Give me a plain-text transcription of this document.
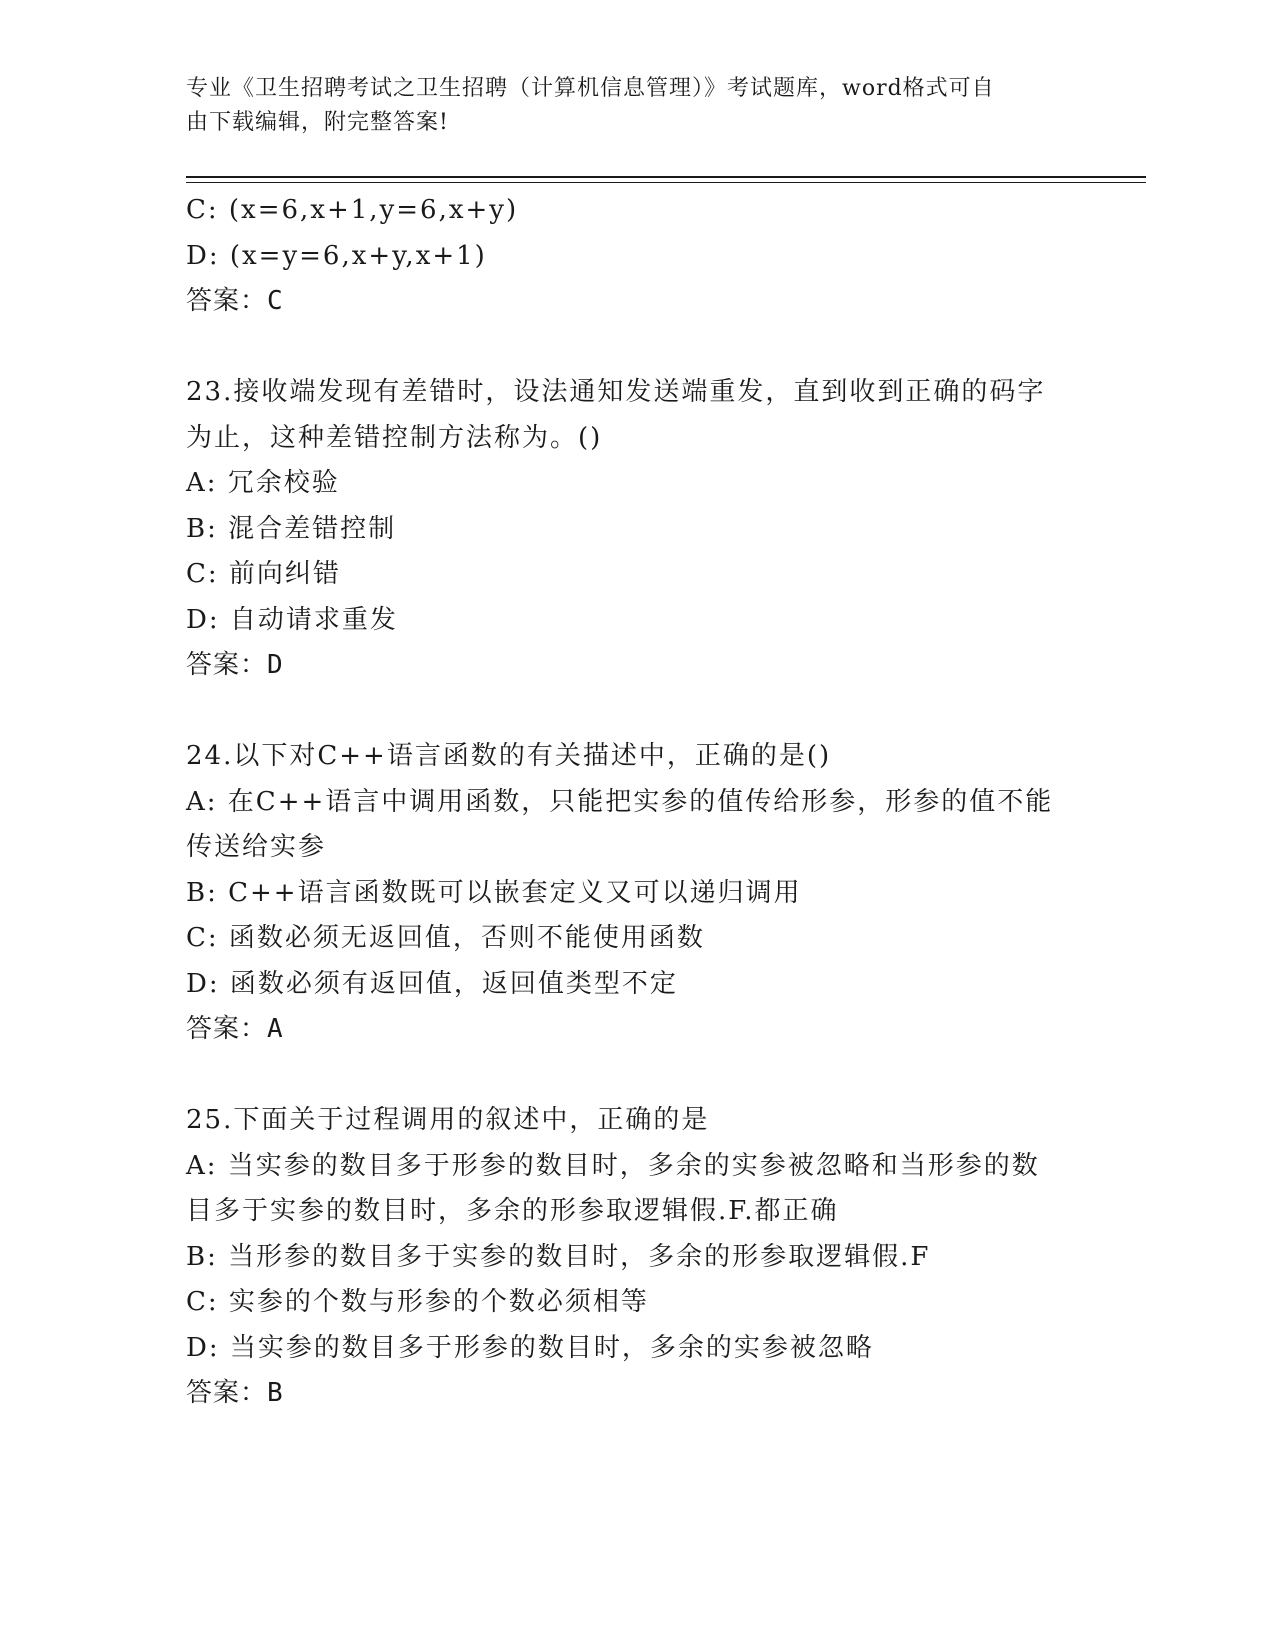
专业《卫生招聘考试之卫生招聘（计算机信息管理）》考试题库，word格式可自
由下载编辑，附完整答案!
C: (x=6,x+1,y=6,x+y)
D: (x=y=6,x+y,x+1)
答案：C
23.接收端发现有差错时，设法通知发送端重发，直到收到正确的码字
为止，这种差错控制方法称为。()
A: 冗余校验
B: 混合差错控制
C: 前向纠错
D: 自动请求重发
答案：D
24.以下对C++语言函数的有关描述中，正确的是()
A: 在C++语言中调用函数，只能把实参的值传给形参，形参的值不能
传送给实参
B: C++语言函数既可以嵌套定义又可以递归调用
C: 函数必须无返回值，否则不能使用函数
D: 函数必须有返回值，返回值类型不定
答案：A
25.下面关于过程调用的叙述中，正确的是
A: 当实参的数目多于形参的数目时，多余的实参被忽略和当形参的数
目多于实参的数目时，多余的形参取逻辑假.F.都正确
B: 当形参的数目多于实参的数目时，多余的形参取逻辑假.F
C: 实参的个数与形参的个数必须相等
D: 当实参的数目多于形参的数目时，多余的实参被忽略
答案：B
